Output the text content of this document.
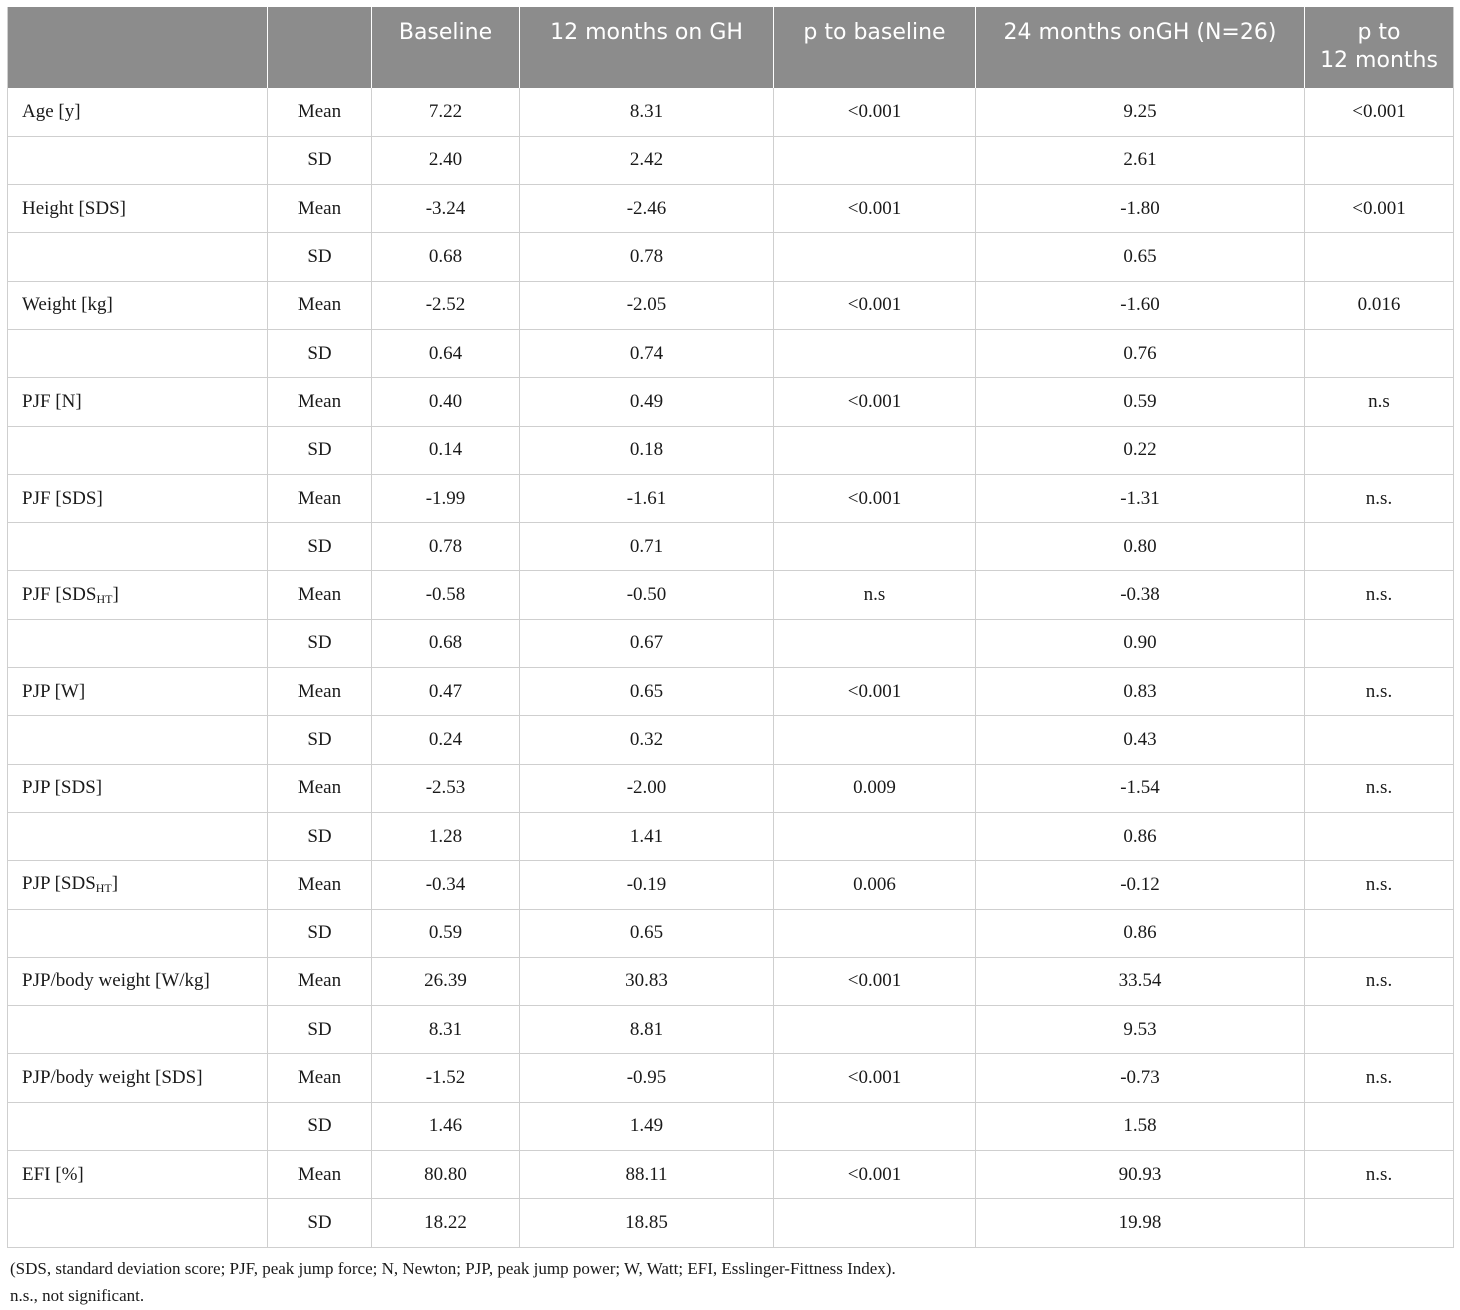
		Baseline	12 months on GH	p to baseline	24 months onGH (N=26)	p to
12 months
Age [y]	Mean	7.22	8.31	<0.001	9.25	<0.001
	SD	2.40	2.42		2.61	
Height [SDS]	Mean	-3.24	-2.46	<0.001	-1.80	<0.001
	SD	0.68	0.78		0.65	
Weight [kg]	Mean	-2.52	-2.05	<0.001	-1.60	0.016
	SD	0.64	0.74		0.76	
PJF [N]	Mean	0.40	0.49	<0.001	0.59	n.s
	SD	0.14	0.18		0.22	
PJF [SDS]	Mean	-1.99	-1.61	<0.001	-1.31	n.s.
	SD	0.78	0.71		0.80	
PJF $[SDS_{HT}]$	Mean	-0.58	-0.50	n.s	-0.38	n.s.
	SD	0.68	0.67		0.90	
PJP [W]	Mean	0.47	0.65	<0.001	0.83	n.s.
	SD	0.24	0.32		0.43	
PJP [SDS]	Mean	-2.53	-2.00	0.009	-1.54	n.s.
	SD	1.28	1.41		0.86	
PJP $[SDS_{HT}]$	Mean	-0.34	-0.19	0.006	-0.12	n.s.
	SD	0.59	0.65		0.86	
PJP/body weight [W/kg]	Mean	26.39	30.83	<0.001	33.54	n.s.
	SD	8.31	8.81		9.53	
PJP/body weight [SDS]	Mean	-1.52	-0.95	<0.001	-0.73	n.s.
	SD	1.46	1.49		1.58	
EFI [%]	Mean	80.80	88.11	<0.001	90.93	n.s.
	SD	18.22	18.85		19.98	
(SDS, standard deviation score; PJF, peak jump force; N, Newton; PJP, peak jump power; W, Watt; EFI, Esslinger-Fittness Index).
n.s., not significant.
